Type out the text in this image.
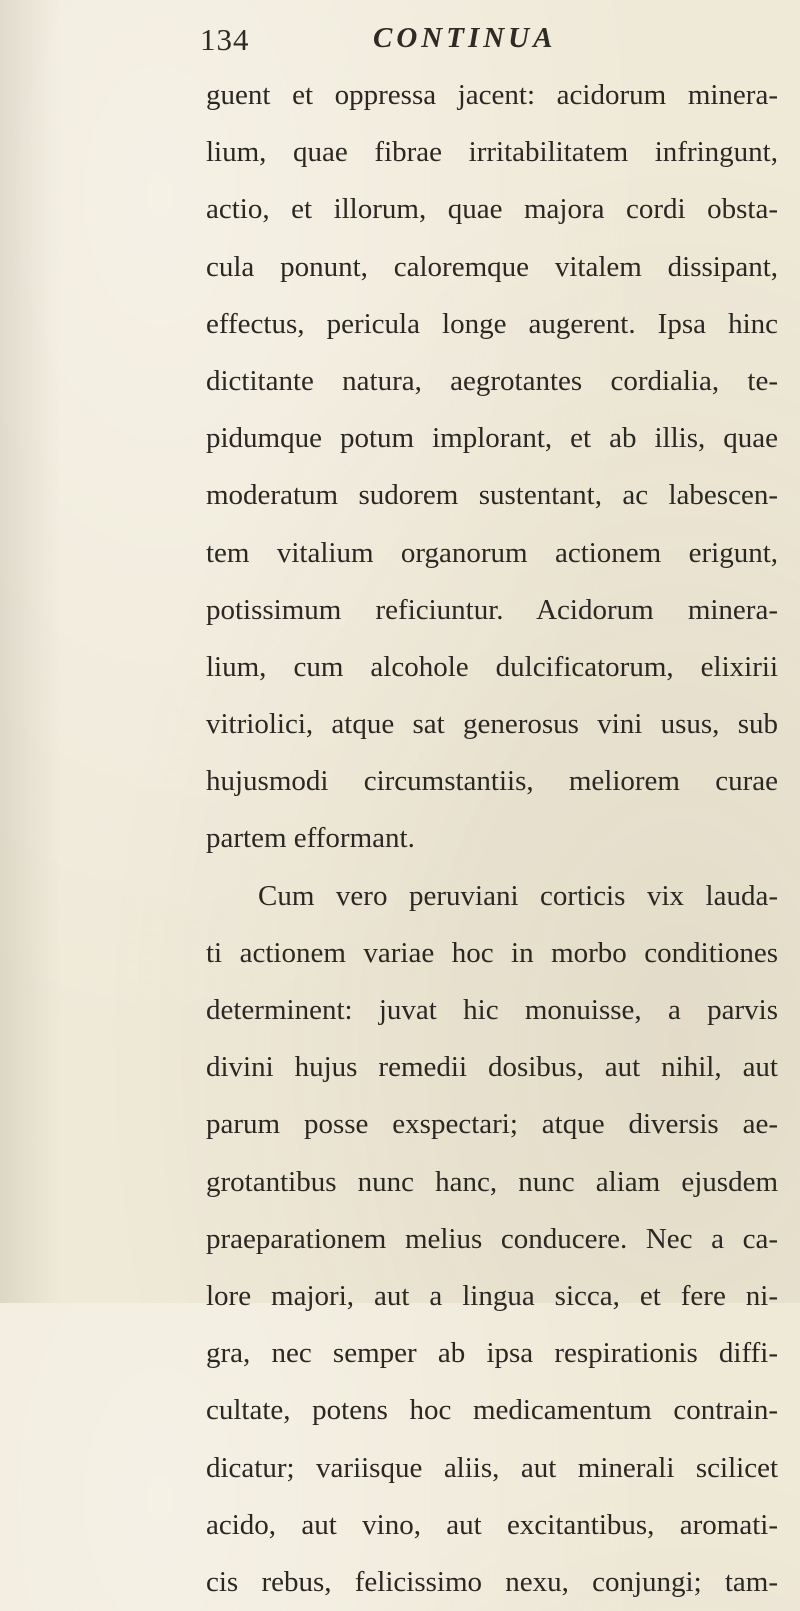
134	CONTINUA
guent et oppressa jacent: acidorum minera-
lium, quae fibrae irritabilitatem infringunt,
actio, et illorum, quae majora cordi obsta-
cula ponunt, caloremque vitalem dissipant,
effectus, pericula longe augerent. Ipsa hinc
dictitante natura, aegrotantes cordialia, te-
pidumque potum implorant, et ab illis, quae
moderatum sudorem sustentant, ac labescen-
tem vitalium organorum actionem erigunt,
potissimum reficiuntur. Acidorum minera-
lium, cum alcohole dulcificatorum, elixirii
vitriolici, atque sat generosus vini usus, sub
hujusmodi circumstantiis, meliorem curae
partem efformant.
Cum vero peruviani corticis vix lauda-
ti actionem variae hoc in morbo conditiones
determinent: juvat hic monuisse, a parvis
divini hujus remedii dosibus, aut nihil, aut
parum posse exspectari; atque diversis ae-
grotantibus nunc hanc, nunc aliam ejusdem
praeparationem melius conducere. Nec a ca-
lore majori, aut a lingua sicca, et fere ni-
gra, nec semper ab ipsa respirationis diffi-
cultate, potens hoc medicamentum contrain-
dicatur; variisque aliis, aut minerali scilicet
acido, aut vino, aut excitantibus, aromati-
cis rebus, felicissimo nexu, conjungi; tam-
